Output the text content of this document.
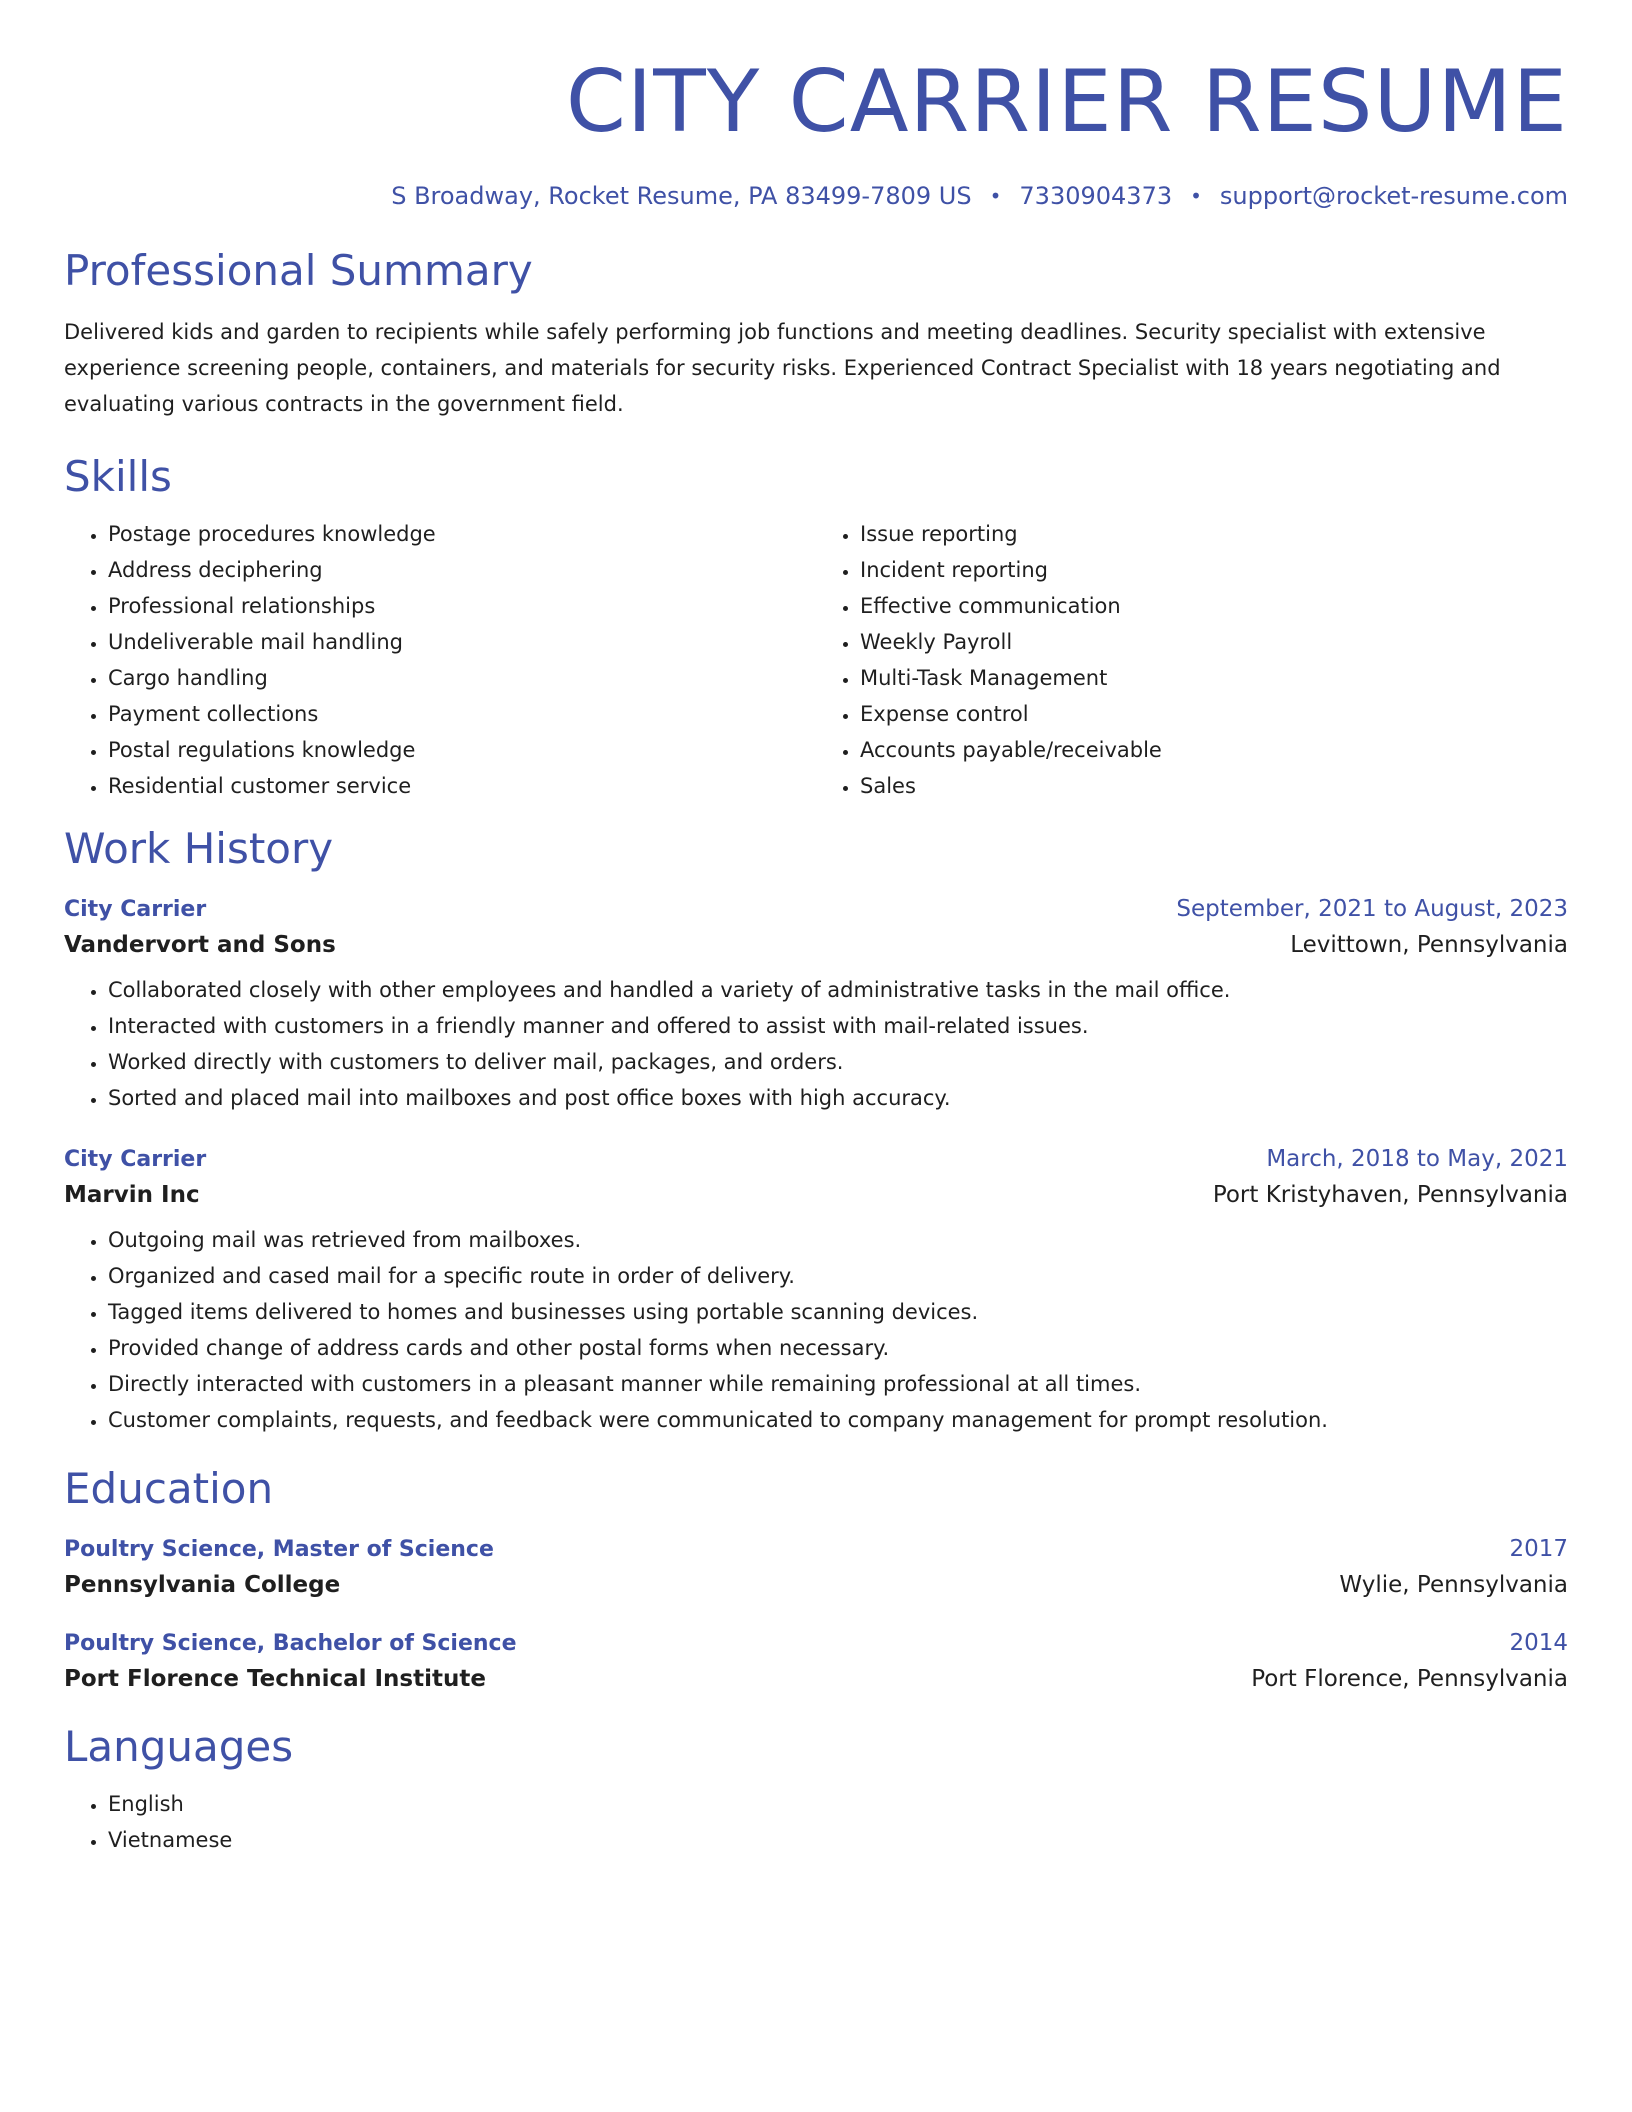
CITY CARRIER RESUME
S Broadway, Rocket Resume, PA 83499-7809 US • 7330904373 • support@rocket-resume.com
Professional Summary
Delivered kids and garden to recipients while safely performing job functions and meeting deadlines. Security specialist with extensive experience screening people, containers, and materials for security risks. Experienced Contract Specialist with 18 years negotiating and evaluating various contracts in the government field.
Skills
• Postage procedures knowledge
• Address deciphering
• Professional relationships
• Undeliverable mail handling
• Cargo handling
• Payment collections
• Postal regulations knowledge
• Residential customer service
• Issue reporting
• Incident reporting
• Effective communication
• Weekly Payroll
• Multi-Task Management
• Expense control
• Accounts payable/receivable
• Sales
Work History
City Carrier	September, 2021 to August, 2023
Vandervort and Sons	Levittown, Pennsylvania
• Collaborated closely with other employees and handled a variety of administrative tasks in the mail office.
• Interacted with customers in a friendly manner and offered to assist with mail-related issues.
• Worked directly with customers to deliver mail, packages, and orders.
• Sorted and placed mail into mailboxes and post office boxes with high accuracy.
City Carrier	March, 2018 to May, 2021
Marvin Inc	Port Kristyhaven, Pennsylvania
• Outgoing mail was retrieved from mailboxes.
• Organized and cased mail for a specific route in order of delivery.
• Tagged items delivered to homes and businesses using portable scanning devices.
• Provided change of address cards and other postal forms when necessary.
• Directly interacted with customers in a pleasant manner while remaining professional at all times.
• Customer complaints, requests, and feedback were communicated to company management for prompt resolution.
Education
Poultry Science, Master of Science	2017
Pennsylvania College	Wylie, Pennsylvania
Poultry Science, Bachelor of Science	2014
Port Florence Technical Institute	Port Florence, Pennsylvania
Languages
• English
• Vietnamese
